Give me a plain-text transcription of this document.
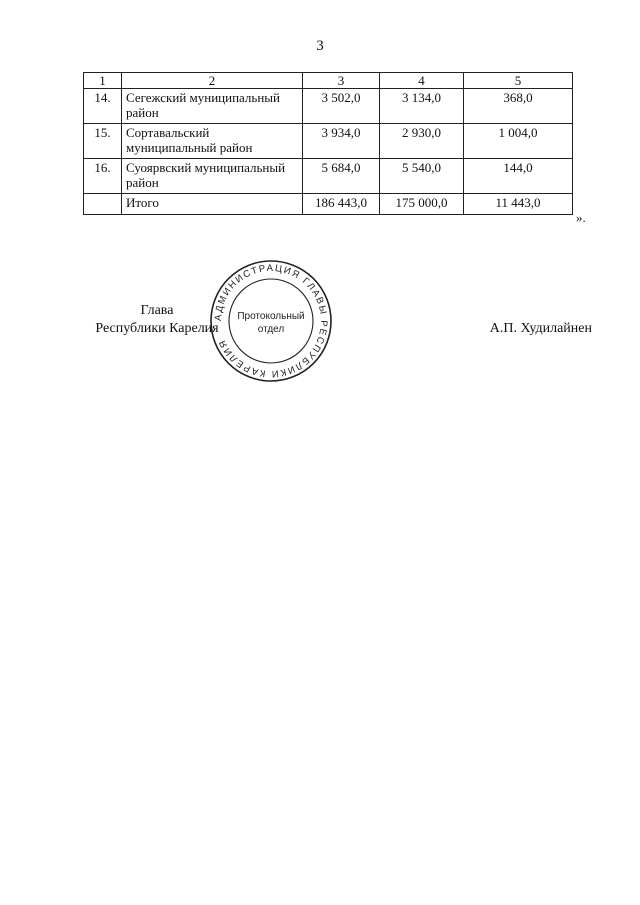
3
1	2	3	4	5
14.	Сегежский муниципальный район	3 502,0	3 134,0	368,0
15.	Сортавальский муниципальный район	3 934,0	2 930,0	1 004,0
16.	Суоярвский муниципальный район	5 684,0	5 540,0	144,0
	Итого	186 443,0	175 000,0	11 443,0
».
Глава
Республики Карелия	А.П. Худилайнен
АДМИНИСТРАЦИЯ ГЛАВЫ РЕСПУБЛИКИ КАРЕЛИЯ
Протокольный
отдел
